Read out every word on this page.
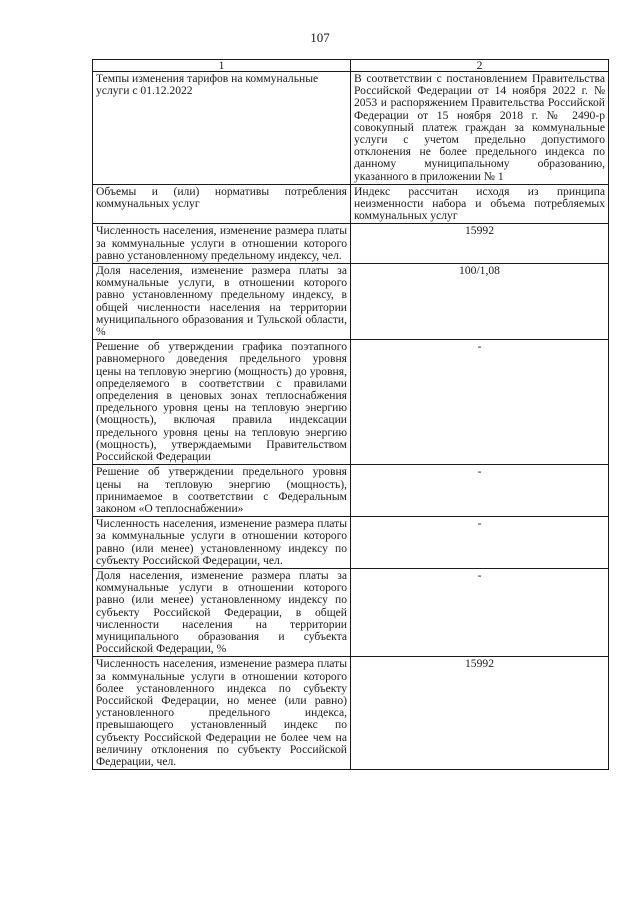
107
1	2
Темпы изменения тарифов на коммунальные услуги с 01.12.2022	В соответствии с постановлением Правительства Российской Федерации от 14 ноября 2022 г. № 2053 и распоряжением Правительства Российской Федерации от 15 ноября 2018 г. № 2490-р совокупный платеж граждан за коммунальные услуги с учетом предельно допустимого отклонения не более предельного индекса по данному муниципальному образованию, указанного в приложении № 1
Объемы и (или) нормативы потребления коммунальных услуг	Индекс рассчитан исходя из принципа неизменности набора и объема потребляемых коммунальных услуг
Численность населения, изменение размера платы за коммунальные услуги в отношении которого равно установленному предельному индексу, чел.	15992
Доля населения, изменение размера платы за коммунальные услуги, в отношении которого равно установленному предельному индексу, в общей численности населения на территории муниципального образования и Тульской области, %	100/1,08
Решение об утверждении графика поэтапного равномерного доведения предельного уровня цены на тепловую энергию (мощность) до уровня, определяемого в соответствии с правилами определения в ценовых зонах теплоснабжения предельного уровня цены на тепловую энергию (мощность), включая правила индексации предельного уровня цены на тепловую энергию (мощность), утверждаемыми Правительством Российской Федерации	-
Решение об утверждении предельного уровня цены на тепловую энергию (мощность), принимаемое в соответствии с Федеральным законом «О теплоснабжении»	-
Численность населения, изменение размера платы за коммунальные услуги в отношении которого равно (или менее) установленному индексу по субъекту Российской Федерации, чел.	-
Доля населения, изменение размера платы за коммунальные услуги в отношении которого равно (или менее) установленному индексу по субъекту Российской Федерации, в общей численности населения на территории муниципального образования и субъекта Российской Федерации, %	-
Численность населения, изменение размера платы за коммунальные услуги в отношении которого более установленного индекса по субъекту Российской Федерации, но менее (или равно) установленного предельного индекса, превышающего установленный индекс по субъекту Российской Федерации не более чем на величину отклонения по субъекту Российской Федерации, чел.	15992
